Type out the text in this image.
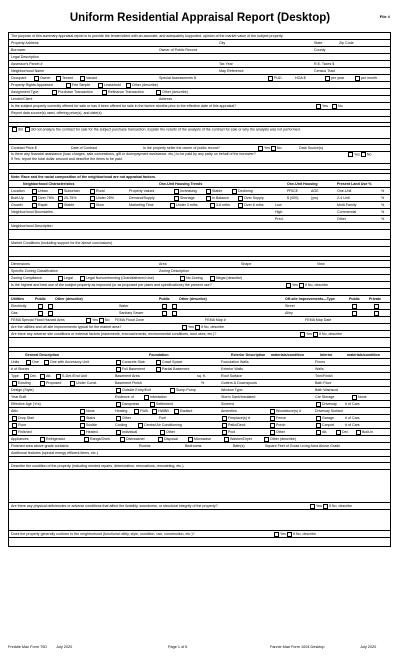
Uniform Residential Appraisal Report (Desktop)	File #
The purpose of this summary appraisal report is to provide the lender/client with an accurate, and adequately supported, opinion of the market value of the subject property.
Property Address	City	State	Zip Code
Borrower	Owner of Public Record	County
Legal Description
Assessor's Parcel #	Tax Year	R.E. Taxes $
Neighborhood Name	Map Reference	Census Tract
Occupant	Owner	Tenant	Vacant	Special Assessments $	PUD	HOA $	per year	per month
Property Rights Appraised	Fee Simple	Leasehold	Other (describe)
Assignment Type	Purchase Transaction	Refinance Transaction	Other (describe)
Lender/Client	Address
Is the subject property currently offered for sale or has it been offered for sale in the twelve months prior to the effective date of this appraisal?	Yes	No
Report data source(s) used, offering price(s), and date(s).
did did not analyze the contract for sale for the subject purchase transaction. Explain the results of the analysis of the contract for sale or why the analysis was not performed.
Contract Price $	Date of Contract	Is the property seller the owner of public record?	Yes No	Data Source(s)
Is there any financial assistance (loan charges, sale concessions, gift or downpayment assistance, etc.) to be paid by any party on behalf of the borrower?	Yes No
If Yes, report the total dollar amount and describe the items to be paid.
Note: Race and the racial composition of the neighborhood are not appraisal factors.
Neighborhood Characteristics	One-Unit Housing Trends	One-Unit Housing	Present Land Use %
Location	Urban	Suburban	Rural	Property Values	Increasing	Stable	Declining	PRICE	AGE	One-Unit	%
Built-Up	Over 75%	25-75%	Under 25%	Demand/Supply	Shortage	In Balance	Over Supply	$ (000)	(yrs)	2-4 Unit	%
Growth	Rapid	Stable	Slow	Marketing Time	Under 3 mths	3-6 mths	Over 6 mths	Low	Multi-Family	%
Neighborhood Boundaries	High	Commercial	%
Pred.	Other	%
Neighborhood Description
Market Conditions (including support for the above conclusions)
Dimensions	Area	Shape	View
Specific Zoning Classification	Zoning Description
Zoning Compliance	Legal	Legal Nonconforming (Grandfathered Use)	No Zoning	Illegal (describe)
Is the highest and best use of the subject property as improved (or as proposed per plans and specifications) the present use?	Yes If No, describe
Utilities	Public	Other (describe)	Public	Other (describe)	Off-site Improvements—Type	Public	Private
Electricity	Water	Street
Gas	Sanitary Sewer	Alley
FEMA Special Flood Hazard Area	Yes No FEMA Flood Zone	FEMA Map #	FEMA Map Date
Are the utilities and off-site improvements typical for the market area?	Yes If No, describe
Are there any adverse site conditions or external factors (easements, encroachments, environmental conditions, land uses, etc.)?	Yes If No, describe
General Description	Foundation	Exterior Description materials/condition	Interior	materials/condition
Units	One	One with Accessory Unit	Concrete Slab	Crawl Space	Foundation Walls	Floors
# of Stories	Full Basement	Partial Basement	Exterior Walls	Walls
Type	Det.	Att.	S-Det./End Unit	Basement Area	sq. ft.	Roof Surface	Trim/Finish
Existing	Proposed	Under Const.	Basement Finish	%	Gutters & Downspouts	Bath Floor
Design (Style)	Outside Entry/Exit	Sump Pump	Window Type	Bath Wainscot
Year Built	Evidence of	Infestation	Storm Sash/Insulated	Car Storage	None
Effective Age (Yrs)	Dampness	Settlement	Screens	Driveway # of Cars
Attic	None	Heating	FWA	HWBB	Radiant	Amenities	Woodstove(s) #	Driveway Surface
Drop Stair	Stairs	Other	Fuel	Fireplace(s) #	Fence	Garage	# of Cars
Floor	Scuttle	Cooling	Central Air Conditioning	Patio/Deck	Porch	Carport	# of Cars
Finished	Heated	Individual	Other	Pool	Other	Att.	Det.	Built-in
Appliances	Refrigerator	Range/Oven	Dishwasher	Disposal	Microwave	Washer/Dryer	Other (describe)
Finished area above grade contains:	Rooms	Bedrooms	Bath(s)	Square Feet of Gross Living Area Above Grade
Additional features (special energy efficient items, etc.)
Describe the condition of the property (including needed repairs, deterioration, renovations, remodeling, etc.).
Are there any physical deficiencies or adverse conditions that affect the livability, soundness, or structural integrity of the property?	Yes If No, describe
Does the property generally conform to the neighborhood (functional utility, style, condition, use, construction, etc.)?	Yes If No, describe
Freddie Mac Form 70D July 2020	Page 1 of 6	Fannie Mae Form 1004 Desktop	July 2020
